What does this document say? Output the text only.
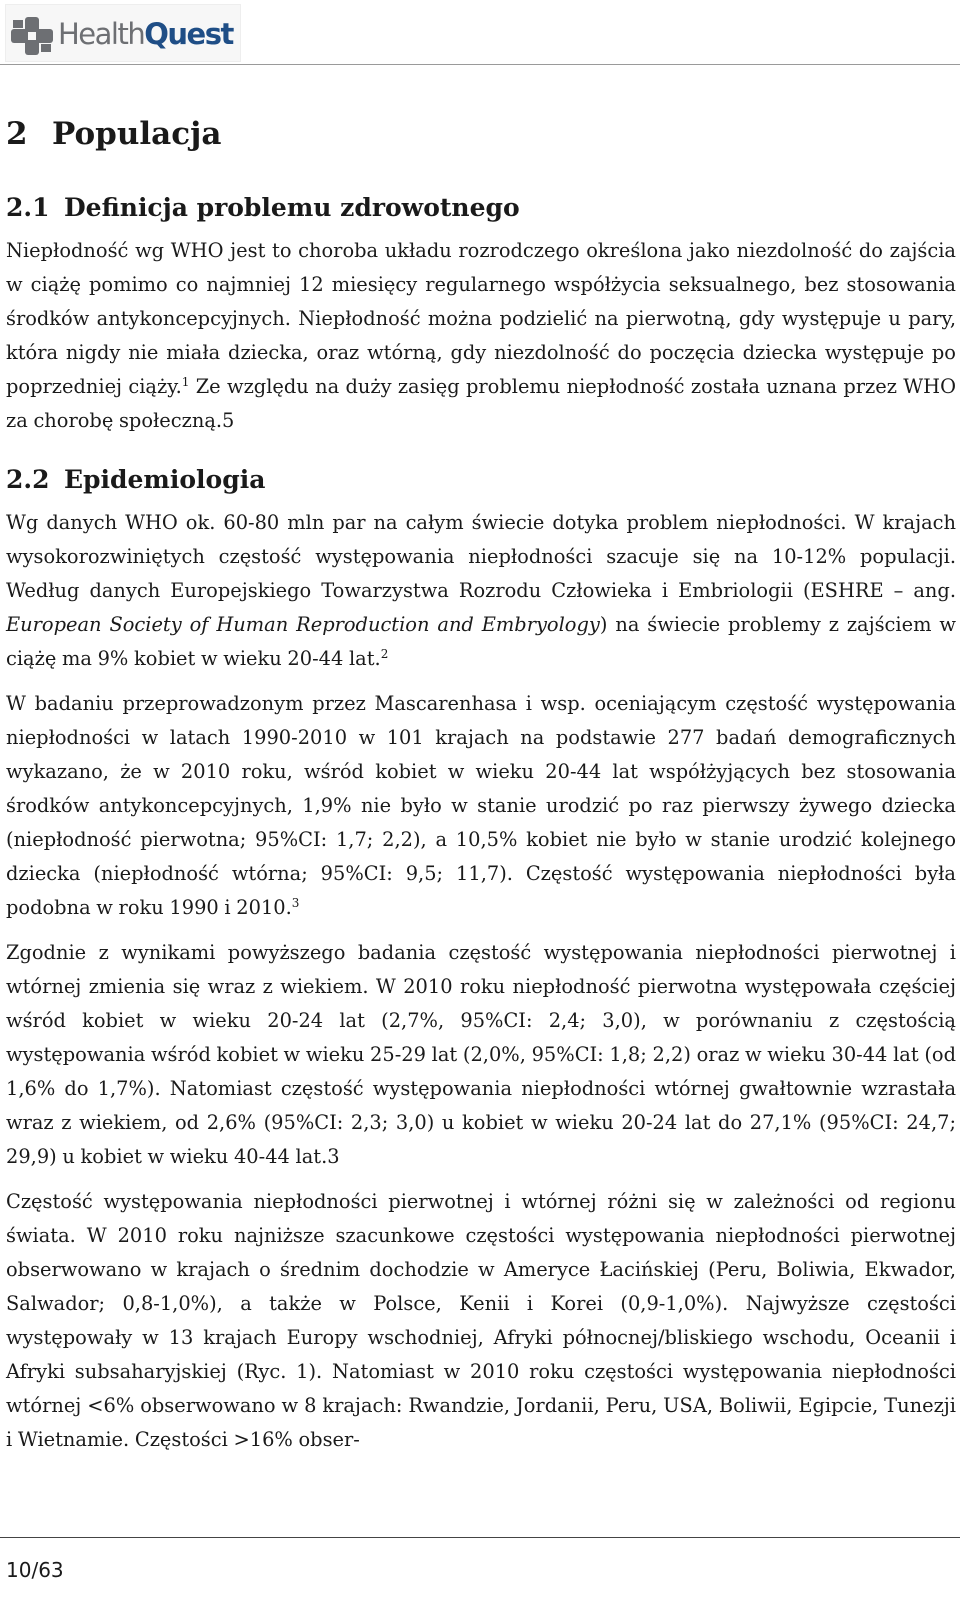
HealthQuest
2 Populacja
2.1 Definicja problemu zdrowotnego

Niepłodność wg WHO jest to choroba układu rozrodczego określona jako niezdolność do zajścia w ciążę pomimo co najmniej 12 miesięcy regularnego współżycia seksualnego, bez stosowania środków antykoncepcyjnych. Niepłodność można podzielić na pierwotną, gdy występuje u pary, która nigdy nie miała dziecka, oraz wtórną, gdy niezdolność do poczęcia dziecka występuje po poprzedniej ciąży.$^1$ Ze względu na duży zasięg problemu niepłodność została uznana przez WHO za chorobę społeczną.5

2.2 Epidemiologia

Wg danych WHO ok. 60-80 mln par na całym świecie dotyka problem niepłodności. W krajach wysokorozwiniętych częstość występowania niepłodności szacuje się na 10-12% populacji. Według danych Europejskiego Towarzystwa Rozrodu Człowieka i Embriologii (ESHRE – ang. European Society of Human Reproduction and Embryology) na świecie problemy z zajściem w ciążę ma 9% kobiet w wieku 20-44 lat.$^2$

W badaniu przeprowadzonym przez Mascarenhasa i wsp. oceniającym częstość występowania niepłodności w latach 1990-2010 w 101 krajach na podstawie 277 badań demograficznych wykazano, że w 2010 roku, wśród kobiet w wieku 20-44 lat współżyjących bez stosowania środków antykoncepcyjnych, 1,9% nie było w stanie urodzić po raz pierwszy żywego dziecka (niepłodność pierwotna; 95%CI: 1,7; 2,2), a 10,5% kobiet nie było w stanie urodzić kolejnego dziecka (niepłodność wtórna; 95%CI: 9,5; 11,7). Częstość występowania niepłodności była podobna w roku 1990 i 2010.$^3$

Zgodnie z wynikami powyższego badania częstość występowania niepłodności pierwotnej i wtórnej zmienia się wraz z wiekiem. W 2010 roku niepłodność pierwotna występowała częściej wśród kobiet w wieku 20-24 lat (2,7%, 95%CI: 2,4; 3,0), w porównaniu z częstością występowania wśród kobiet w wieku 25-29 lat (2,0%, 95%CI: 1,8; 2,2) oraz w wieku 30-44 lat (od 1,6% do 1,7%). Natomiast częstość występowania niepłodności wtórnej gwałtownie wzrastała wraz z wiekiem, od 2,6% (95%CI: 2,3; 3,0) u kobiet w wieku 20-24 lat do 27,1% (95%CI: 24,7; 29,9) u kobiet w wieku 40-44 lat.3

Częstość występowania niepłodności pierwotnej i wtórnej różni się w zależności od regionu świata. W 2010 roku najniższe szacunkowe częstości występowania niepłodności pierwotnej obserwowano w krajach o średnim dochodzie w Ameryce Łacińskiej (Peru, Boliwia, Ekwador, Salwador; 0,8-1,0%), a także w Polsce, Kenii i Korei (0,9-1,0%). Najwyższe częstości występowały w 13 krajach Europy wschodniej, Afryki północnej/bliskiego wschodu, Oceanii i Afryki subsaharyjskiej (Ryc. 1). Natomiast w 2010 roku częstości występowania niepłodności wtórnej <6% obserwowano w 8 krajach: Rwandzie, Jordanii, Peru, USA, Boliwii, Egipcie, Tunezji i Wietnamie. Częstości >16% obser-

10/63
